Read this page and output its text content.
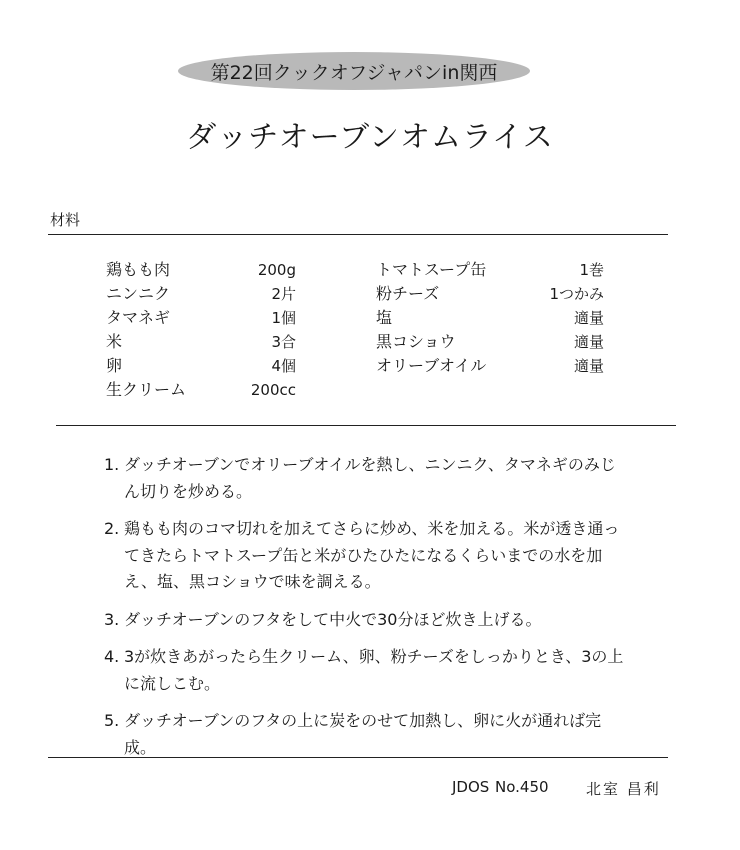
第22回クックオフジャパンin関西
ダッチオーブンオムライス
材料
鶏もも肉	200g
ニンニク	2片
タマネギ	1個
米	3合
卵	4個
生クリーム	200cc
トマトスープ缶	1巻
粉チーズ	1つかみ
塩	適量
黒コショウ	適量
オリーブオイル	適量
1. ダッチオーブンでオリーブオイルを熱し、ニンニク、タマネギのみじん切りを炒める。
2. 鶏もも肉のコマ切れを加えてさらに炒め、米を加える。米が透き通ってきたらトマトスープ缶と米がひたひたになるくらいまでの水を加え、塩、黒コショウで味を調える。
3. ダッチオーブンのフタをして中火で30分ほど炊き上げる。
4. 3が炊きあがったら生クリーム、卵、粉チーズをしっかりとき、3の上に流しこむ。
5. ダッチオーブンのフタの上に炭をのせて加熱し、卵に火が通れば完成。
JDOS No.450 北室 昌利
